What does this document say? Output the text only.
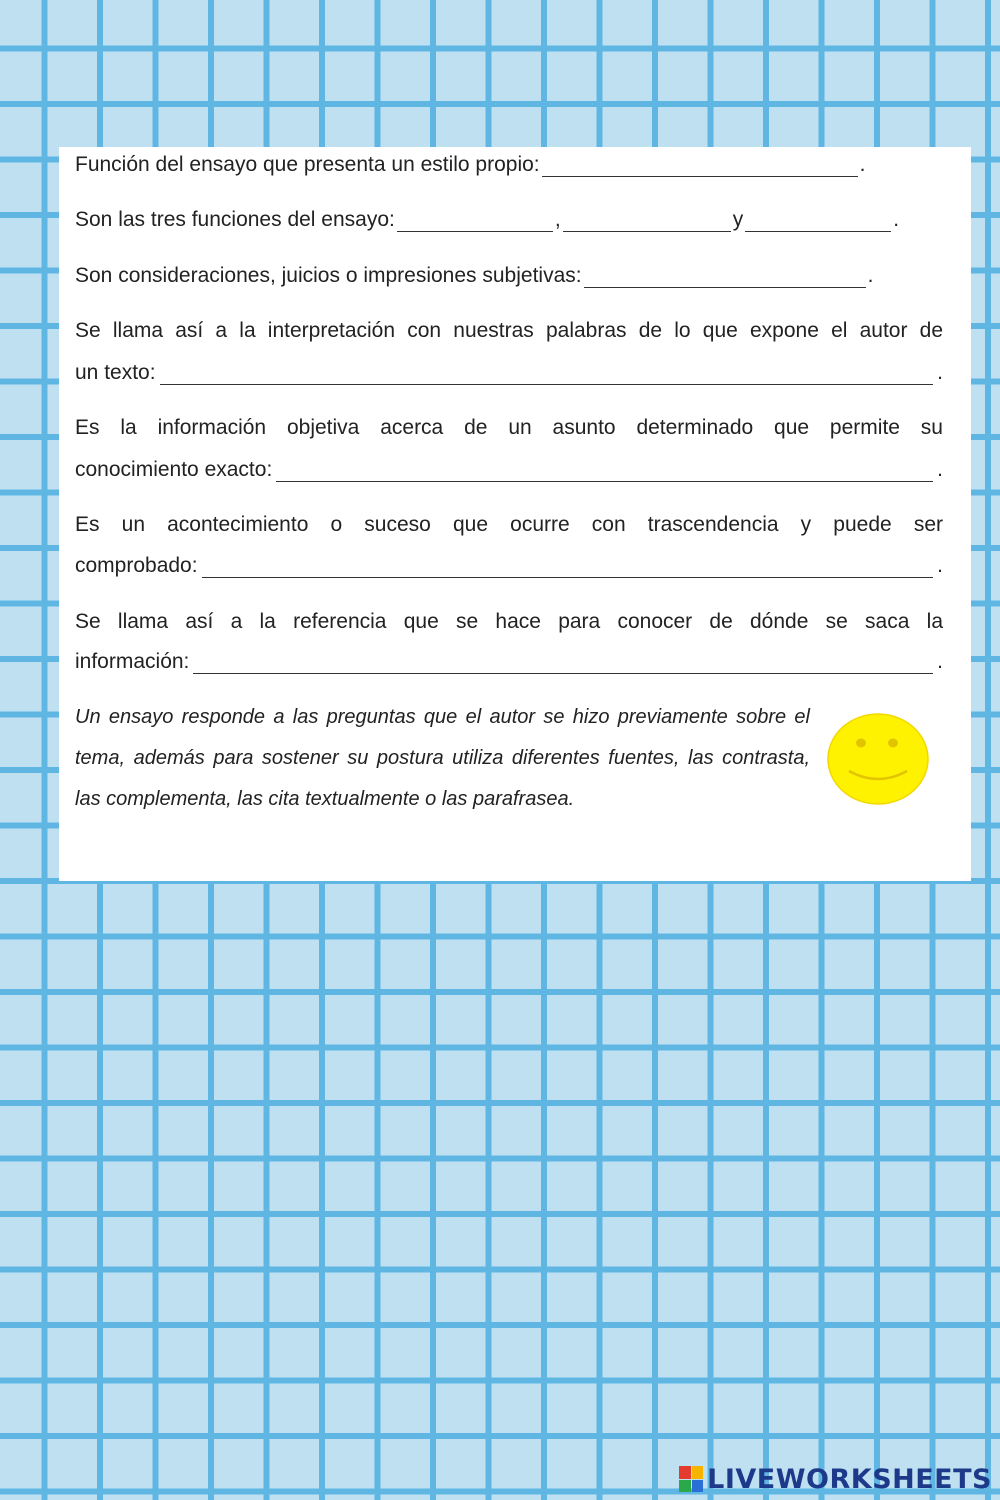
Función del ensayo que presenta un estilo propio:	.
Son las tres funciones del ensayo:	,	y	.
Son consideraciones, juicios o impresiones subjetivas:	.
Se llama así a la interpretación con nuestras palabras de lo que expone el autor de
un texto:	.
Es la información objetiva acerca de un asunto determinado que permite su
conocimiento exacto:	.
Es un acontecimiento o suceso que ocurre con trascendencia y puede ser
comprobado:	.
Se llama así a la referencia que se hace para conocer de dónde se saca la
información:	.
Un ensayo responde a las preguntas que el autor se hizo previamente sobre el tema, además para sostener su postura utiliza diferentes fuentes, las contrasta, las complementa, las cita textualmente o las parafrasea.
LIVEWORKSHEETS
